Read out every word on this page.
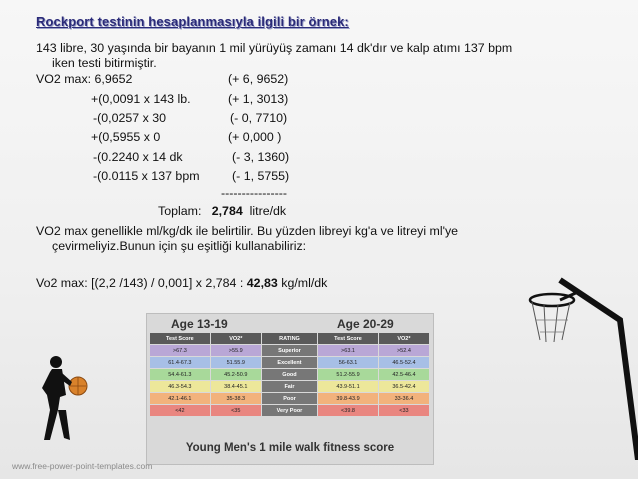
Rockport testinin hesaplanmasıyla ilgili bir örnek:
143 libre, 30 yaşında bir bayanın 1 mil yürüyüş zamanı 14 dk'dır ve kalp atımı 137 bpm
iken testi bitirmiştir.
VO2 max: 6,9652	(+ 6, 9652)
+(0,0091 x 143 lb.	(+ 1, 3013)
-(0,0257 x 30	(- 0, 7710)
+(0,5955 x 0	(+ 0,000 )
-(0.2240 x 14 dk	(- 3, 1360)
-(0.0115 x 137 bpm	(- 1, 5755)
----------------
Toplam: 2,784 litre/dk
VO2 max genellikle ml/kg/dk ile belirtilir. Bu yüzden libreyi kg'a ve litreyi ml'ye
çevirmeliyiz.Bunun için şu eşitliği kullanabiliriz:
Vo2 max: [(2,2 /143) / 0,001] x 2,784 : 42,83 kg/ml/dk
Age 13-19	Age 20-29
Test Score	VO2*	RATING	Test Score	VO2*
>67.3	>55.9	Superior	>63.1	>52.4
61.4-67.3	51.55.9	Excellent	56-63.1	46.5-52.4
54.4-61.3	45.2-50.9	Good	51.2-55.9	42.5-46.4
46.3-54.3	38.4-45.1	Fair	43.9-51.1	36.5-42.4
42.1-46.1	35-38.3	Poor	39.8-43.9	33-36.4
<42	<35	Very Poor	<39.8	<33
Young Men's 1 mile walk fitness score
www.free-power-point-templates.com
